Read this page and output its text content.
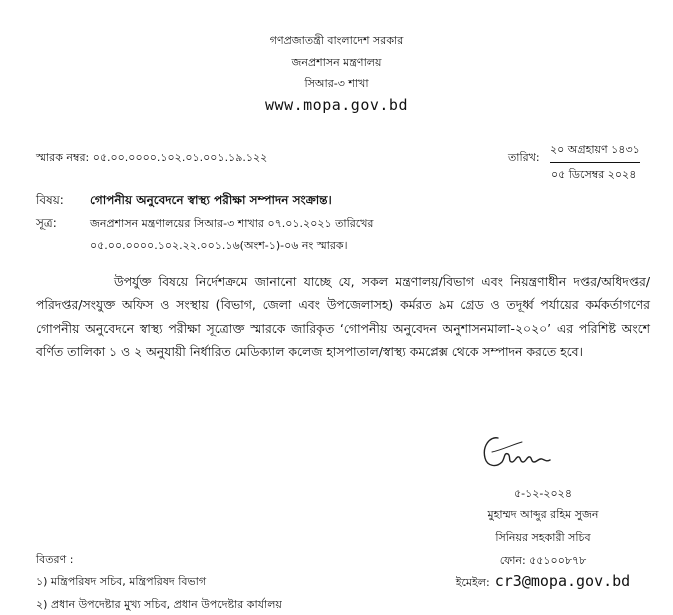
গণপ্রজাতন্ত্রী বাংলাদেশ সরকার
জনপ্রশাসন মন্ত্রণালয়
সিআর-৩ শাখা
www.mopa.gov.bd
স্মারক নম্বর: ০৫.০০.০০০০.১০২.০১.০০১.১৯.১২২	তারিখ:
২০ অগ্রহায়ণ ১৪৩১
০৫ ডিসেম্বর ২০২৪
বিষয়: গোপনীয় অনুবেদনে স্বাস্থ্য পরীক্ষা সম্পাদন সংক্রান্ত।
সূত্র:	জনপ্রশাসন মন্ত্রণালয়ের সিআর-৩ শাখার ০৭.০১.২০২১ তারিখের
০৫.০০.০০০০.১০২.২২.০০১.১৬(অংশ-১)-০৬ নং স্মারক।
উপর্যুক্ত বিষয়ে নির্দেশক্রমে জানানো যাচ্ছে যে, সকল মন্ত্রণালয়/বিভাগ এবং নিয়ন্ত্রণাধীন দপ্তর/অধিদপ্তর/পরিদপ্তর/সংযুক্ত অফিস ও সংস্থায় (বিভাগ, জেলা এবং উপজেলাসহ) কর্মরত ৯ম গ্রেড ও তদূর্ধ্ব পর্যায়ের কর্মকর্তাগণের গোপনীয় অনুবেদনে স্বাস্থ্য পরীক্ষা সূত্রোক্ত স্মারকে জারিকৃত ‘গোপনীয় অনুবেদন অনুশাসনমালা-২০২০’ এর পরিশিষ্ট অংশে বর্ণিত তালিকা ১ ও ২ অনুযায়ী নির্ধারিত মেডিক্যাল কলেজ হাসপাতাল/স্বাস্থ্য কমপ্লেক্স থেকে সম্পাদন করতে হবে।
৫-১২-২০২৪
মুহাম্মদ আব্দুর রহিম সুজন
সিনিয়র সহকারী সচিব
ফোন: ৫৫১০০৮৭৮
ইমেইল: cr3@mopa.gov.bd
বিতরণ :
১) মন্ত্রিপরিষদ সচিব, মন্ত্রিপরিষদ বিভাগ
২) প্রধান উপদেষ্টার মুখ্য সচিব, প্রধান উপদেষ্টার কার্যালয়
